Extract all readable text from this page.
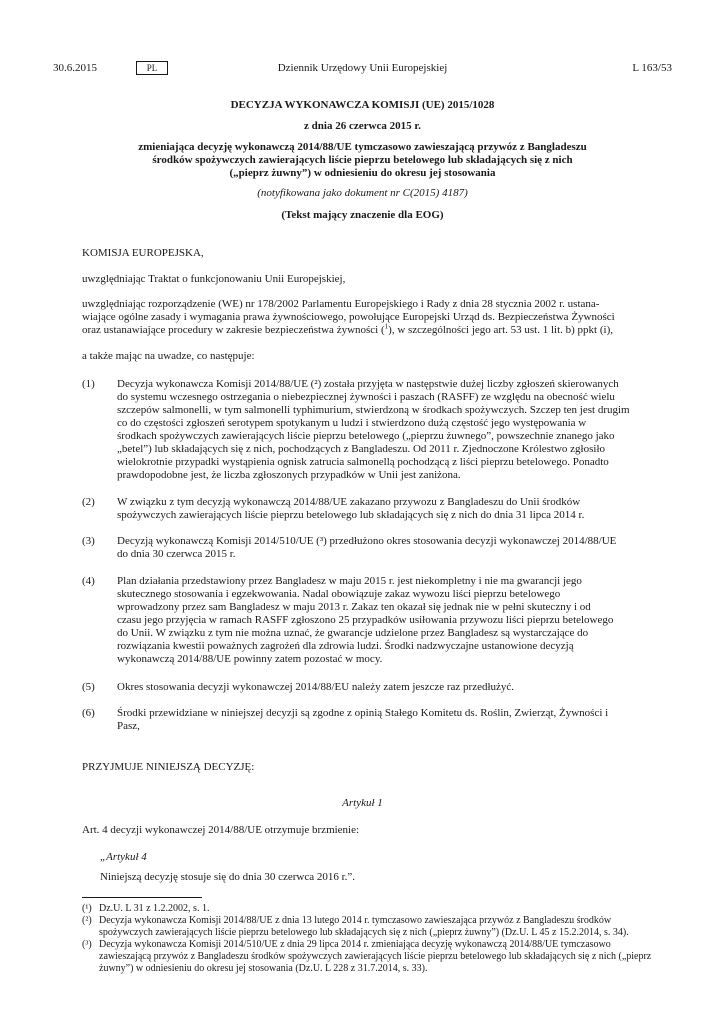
30.6.2015	PL	Dziennik Urzędowy Unii Europejskiej	L 163/53
DECYZJA WYKONAWCZA KOMISJI (UE) 2015/1028
z dnia 26 czerwca 2015 r.
zmieniająca decyzję wykonawczą 2014/88/UE tymczasowo zawieszającą przywóz z Bangladeszu
środków spożywczych zawierających liście pieprzu betelowego lub składających się z nich
(„pieprz żuwny”) w odniesieniu do okresu jej stosowania
(notyfikowana jako dokument nr C(2015) 4187)
(Tekst mający znaczenie dla EOG)
KOMISJA EUROPEJSKA,
uwzględniając Traktat o funkcjonowaniu Unii Europejskiej,
uwzględniając rozporządzenie (WE) nr 178/2002 Parlamentu Europejskiego i Rady z dnia 28 stycznia 2002 r. ustana-
wiające ogólne zasady i wymagania prawa żywnościowego, powołujące Europejski Urząd ds. Bezpieczeństwa Żywności
oraz ustanawiające procedury w zakresie bezpieczeństwa żywności ($^1$), w szczególności jego art. 53 ust. 1 lit. b) ppkt (i),
a także mając na uwadze, co następuje:
(1) Decyzja wykonawcza Komisji 2014/88/UE (²) została przyjęta w następstwie dużej liczby zgłoszeń skierowanych
do systemu wczesnego ostrzegania o niebezpiecznej żywności i paszach (RASFF) ze względu na obecność wielu
szczepów salmonelli, w tym salmonelli typhimurium, stwierdzoną w środkach spożywczych. Szczep ten jest drugim
co do częstości zgłoszeń serotypem spotykanym u ludzi i stwierdzono dużą częstość jego występowania w
środkach spożywczych zawierających liście pieprzu betelowego („pieprzu żuwnego”, powszechnie znanego jako
„betel”) lub składających się z nich, pochodzących z Bangladeszu. Od 2011 r. Zjednoczone Królestwo zgłosiło
wielokrotnie przypadki wystąpienia ognisk zatrucia salmonellą pochodzącą z liści pieprzu betelowego. Ponadto
prawdopodobne jest, że liczba zgłoszonych przypadków w Unii jest zaniżona.
(2) W związku z tym decyzją wykonawczą 2014/88/UE zakazano przywozu z Bangladeszu do Unii środków
spożywczych zawierających liście pieprzu betelowego lub składających się z nich do dnia 31 lipca 2014 r.
(3) Decyzją wykonawczą Komisji 2014/510/UE (³) przedłużono okres stosowania decyzji wykonawczej 2014/88/UE
do dnia 30 czerwca 2015 r.
(4) Plan działania przedstawiony przez Bangladesz w maju 2015 r. jest niekompletny i nie ma gwarancji jego
skutecznego stosowania i egzekwowania. Nadal obowiązuje zakaz wywozu liści pieprzu betelowego
wprowadzony przez sam Bangladesz w maju 2013 r. Zakaz ten okazał się jednak nie w pełni skuteczny i od
czasu jego przyjęcia w ramach RASFF zgłoszono 25 przypadków usiłowania przywozu liści pieprzu betelowego
do Unii. W związku z tym nie można uznać, że gwarancje udzielone przez Bangladesz są wystarczające do
rozwiązania kwestii poważnych zagrożeń dla zdrowia ludzi. Środki nadzwyczajne ustanowione decyzją
wykonawczą 2014/88/UE powinny zatem pozostać w mocy.
(5) Okres stosowania decyzji wykonawczej 2014/88/EU należy zatem jeszcze raz przedłużyć.
(6) Środki przewidziane w niniejszej decyzji są zgodne z opinią Stałego Komitetu ds. Roślin, Zwierząt, Żywności i
Pasz,
PRZYJMUJE NINIEJSZĄ DECYZJĘ:
Artykuł 1
Art. 4 decyzji wykonawczej 2014/88/UE otrzymuje brzmienie:
„Artykuł 4
Niniejszą decyzję stosuje się do dnia 30 czerwca 2016 r.”.
(¹) Dz.U. L 31 z 1.2.2002, s. 1.
(²) Decyzja wykonawcza Komisji 2014/88/UE z dnia 13 lutego 2014 r. tymczasowo zawieszająca przywóz z Bangladeszu środków
spożywczych zawierających liście pieprzu betelowego lub składających się z nich („pieprz żuwny”) (Dz.U. L 45 z 15.2.2014, s. 34).
(³) Decyzja wykonawcza Komisji 2014/510/UE z dnia 29 lipca 2014 r. zmieniająca decyzję wykonawczą 2014/88/UE tymczasowo
zawieszającą przywóz z Bangladeszu środków spożywczych zawierających liście pieprzu betelowego lub składających się z nich („pieprz
żuwny”) w odniesieniu do okresu jej stosowania (Dz.U. L 228 z 31.7.2014, s. 33).
